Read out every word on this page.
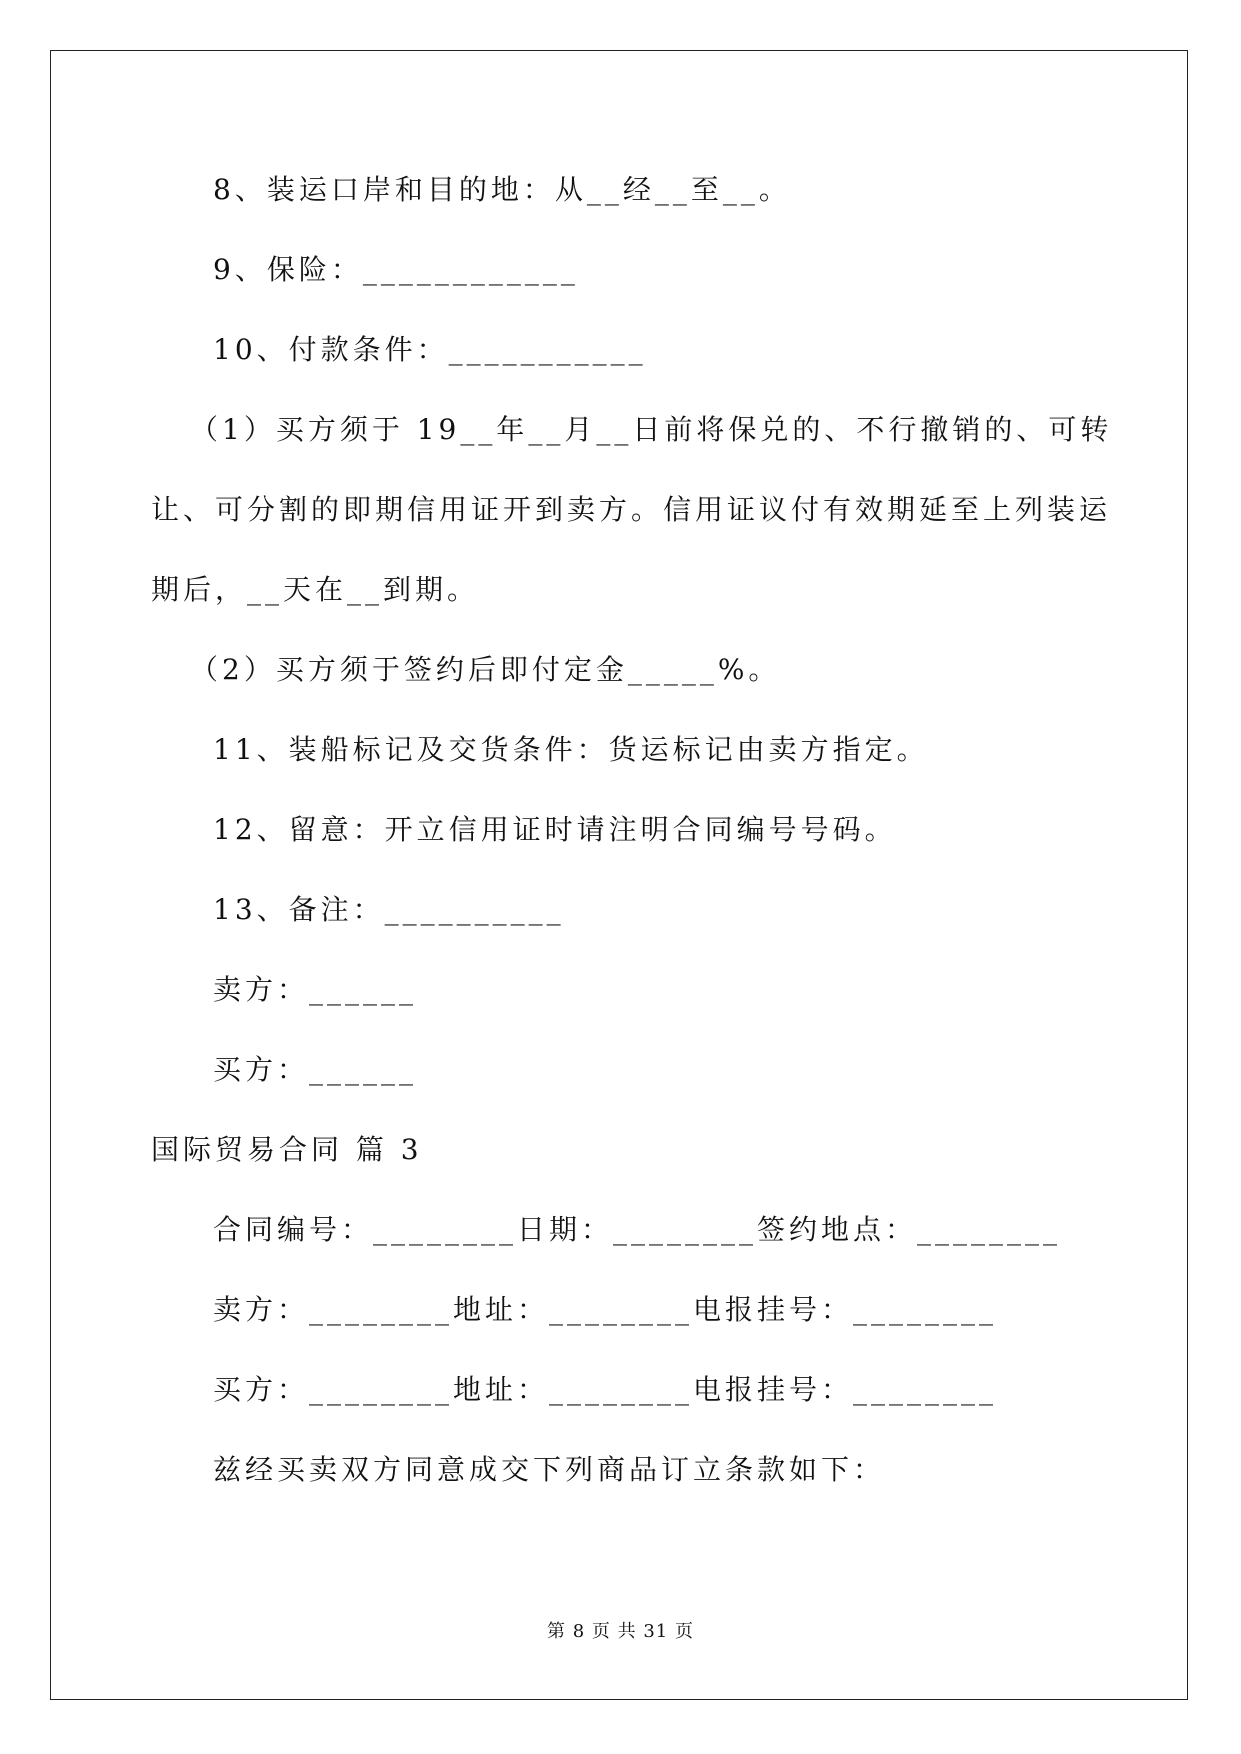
8、装运口岸和目的地：从__经__至__。
9、保险：____________
10、付款条件：___________
（1）买方须于 19__年__月__日前将保兑的、不行撤销的、可转
让、可分割的即期信用证开到卖方。信用证议付有效期延至上列装运
期后，__天在__到期。
（2）买方须于签约后即付定金_____%。
11、装船标记及交货条件：货运标记由卖方指定。
12、留意：开立信用证时请注明合同编号号码。
13、备注：__________
卖方：______
买方：______
国际贸易合同 篇 3
合同编号：________日期：________签约地点：________
卖方：________地址：________电报挂号：________
买方：________地址：________电报挂号：________
兹经买卖双方同意成交下列商品订立条款如下：
第 8 页 共 31 页
